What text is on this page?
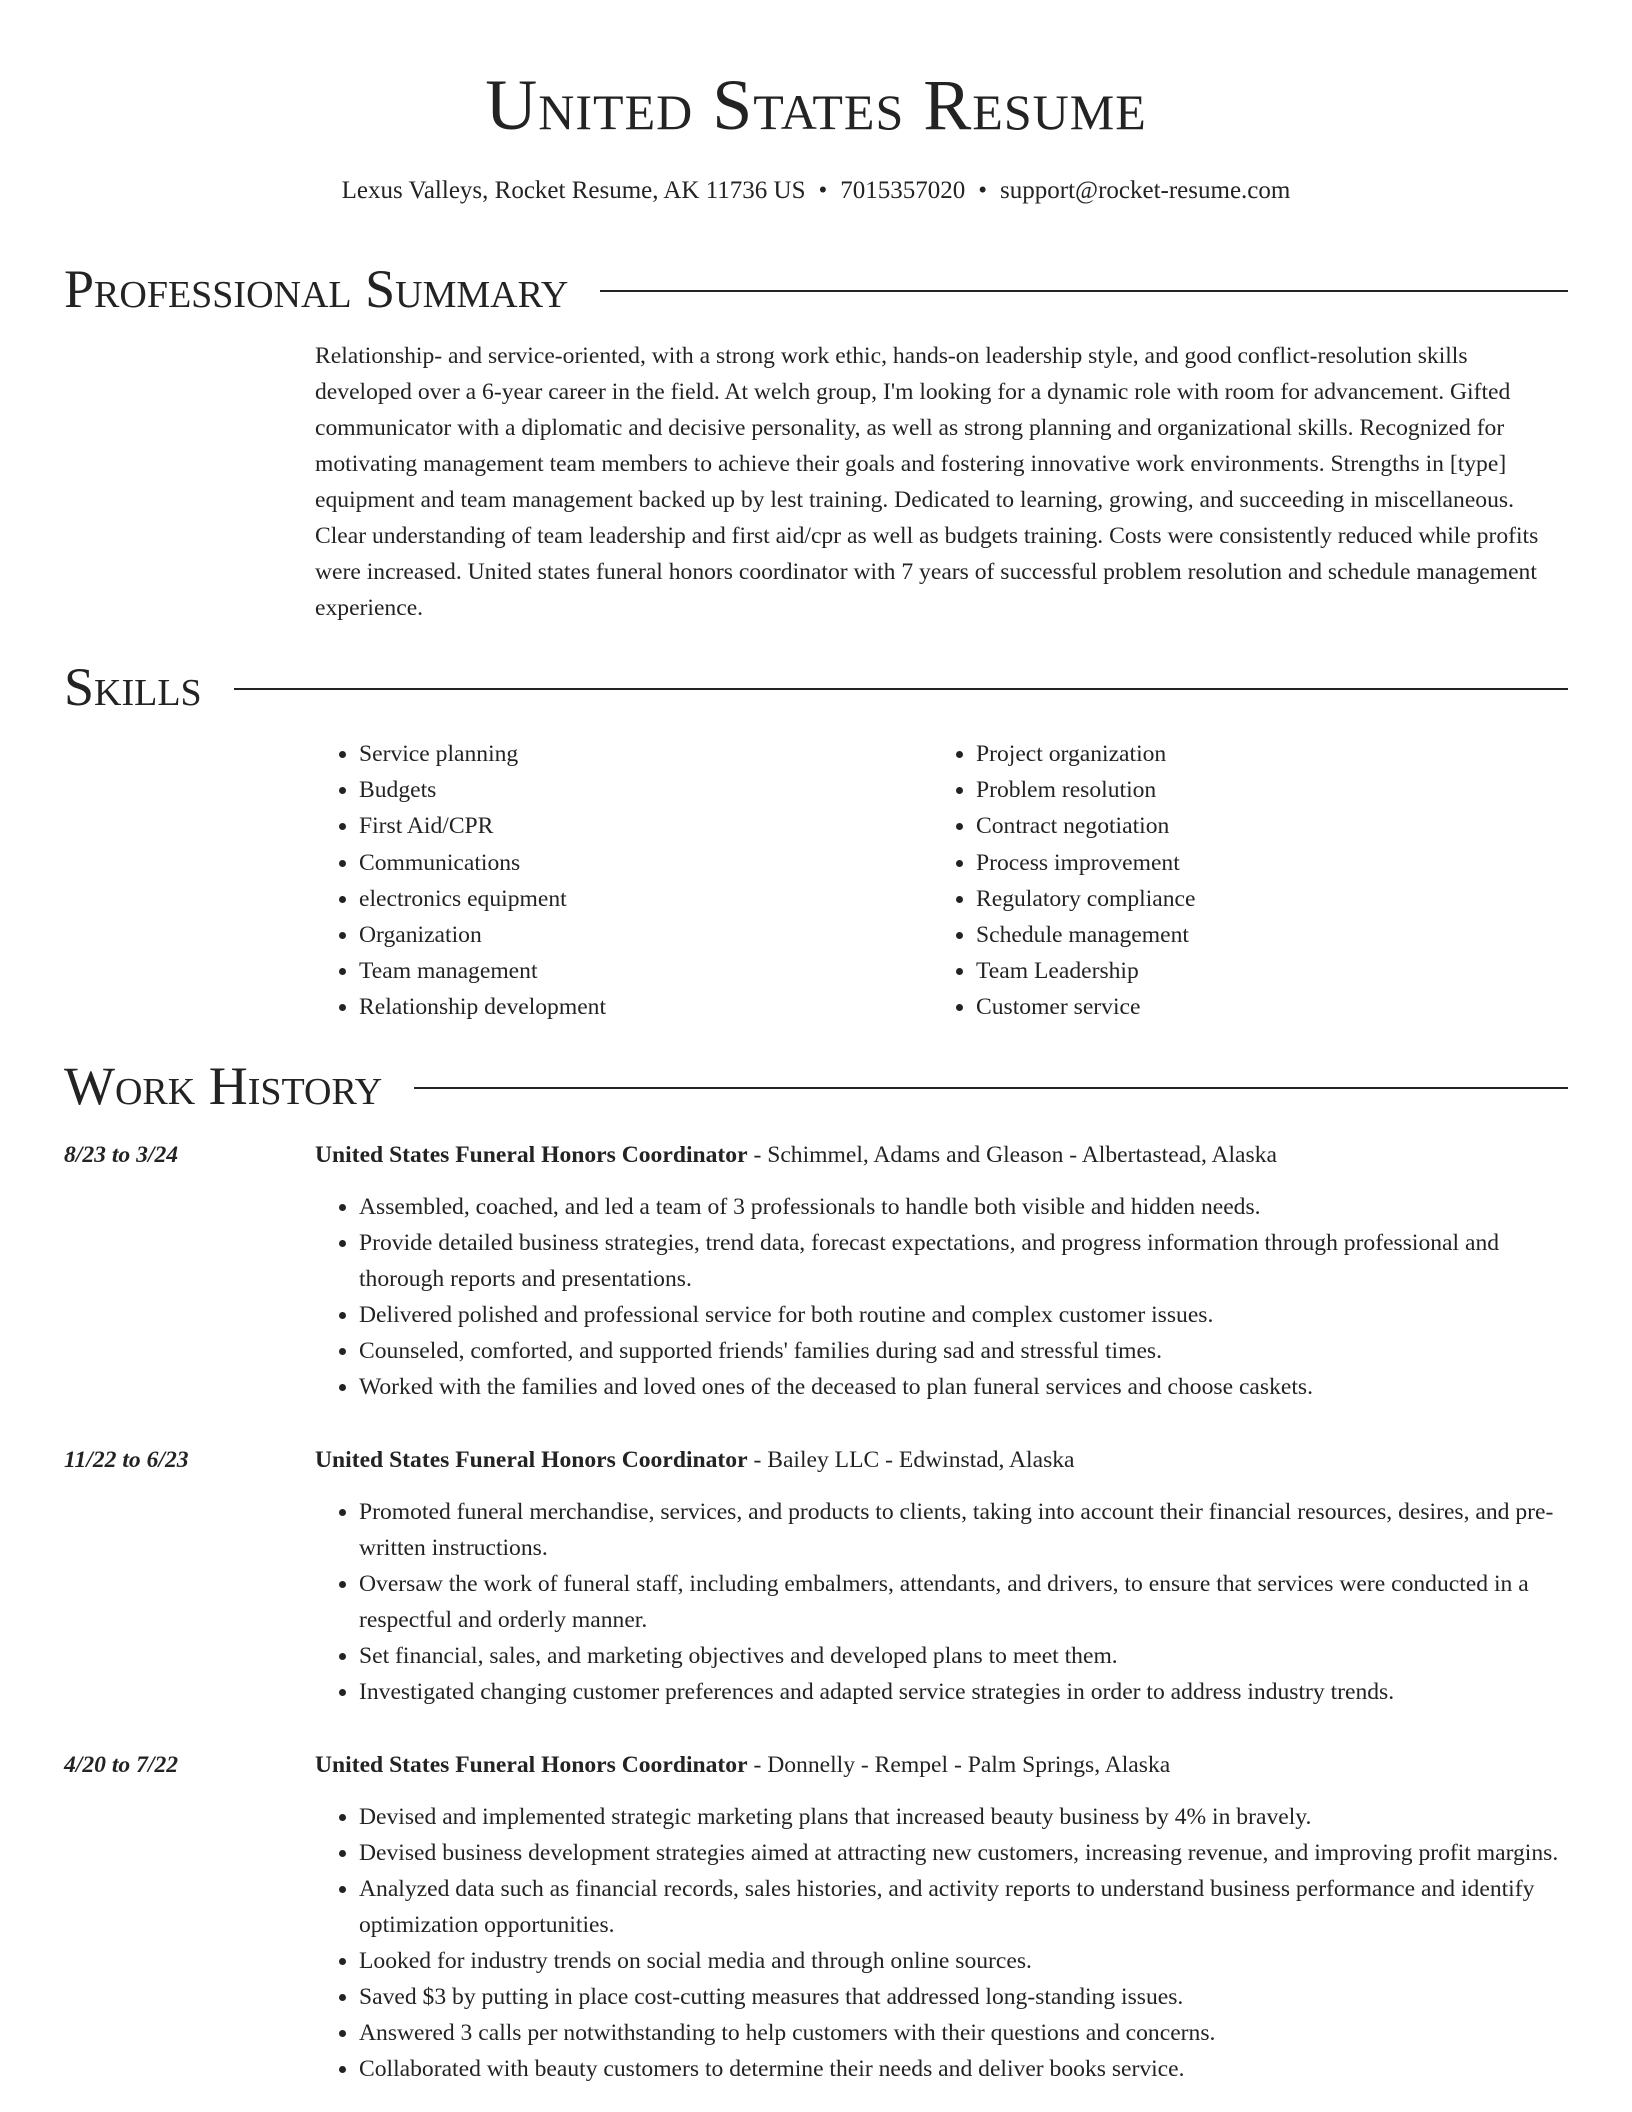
United States Resume
Lexus Valleys, Rocket Resume, AK 11736 US • 7015357020 • support@rocket-resume.com
Professional Summary

Relationship- and service-oriented, with a strong work ethic, hands-on leadership style, and good conflict-resolution skills developed over a 6-year career in the field. At welch group, I'm looking for a dynamic role with room for advancement. Gifted communicator with a diplomatic and decisive personality, as well as strong planning and organizational skills. Recognized for motivating management team members to achieve their goals and fostering innovative work environments. Strengths in [type] equipment and team management backed up by lest training. Dedicated to learning, growing, and succeeding in miscellaneous. Clear understanding of team leadership and first aid/cpr as well as budgets training. Costs were consistently reduced while profits were increased. United states funeral honors coordinator with 7 years of successful problem resolution and schedule management experience.

Skills
• Service planning
• Budgets
• First Aid/CPR
• Communications
• electronics equipment
• Organization
• Team management
• Relationship development
• Project organization
• Problem resolution
• Contract negotiation
• Process improvement
• Regulatory compliance
• Schedule management
• Team Leadership
• Customer service
Work History
8/23 to 3/24	United States Funeral Honors Coordinator - Schimmel, Adams and Gleason - Albertastead, Alaska
• Assembled, coached, and led a team of 3 professionals to handle both visible and hidden needs.
• Provide detailed business strategies, trend data, forecast expectations, and progress information through professional and thorough reports and presentations.
• Delivered polished and professional service for both routine and complex customer issues.
• Counseled, comforted, and supported friends' families during sad and stressful times.
• Worked with the families and loved ones of the deceased to plan funeral services and choose caskets.
11/22 to 6/23	United States Funeral Honors Coordinator - Bailey LLC - Edwinstad, Alaska
• Promoted funeral merchandise, services, and products to clients, taking into account their financial resources, desires, and pre-written instructions.
• Oversaw the work of funeral staff, including embalmers, attendants, and drivers, to ensure that services were conducted in a respectful and orderly manner.
• Set financial, sales, and marketing objectives and developed plans to meet them.
• Investigated changing customer preferences and adapted service strategies in order to address industry trends.
4/20 to 7/22	United States Funeral Honors Coordinator - Donnelly - Rempel - Palm Springs, Alaska
• Devised and implemented strategic marketing plans that increased beauty business by 4% in bravely.
• Devised business development strategies aimed at attracting new customers, increasing revenue, and improving profit margins.
• Analyzed data such as financial records, sales histories, and activity reports to understand business performance and identify optimization opportunities.
• Looked for industry trends on social media and through online sources.
• Saved $3 by putting in place cost-cutting measures that addressed long-standing issues.
• Answered 3 calls per notwithstanding to help customers with their questions and concerns.
• Collaborated with beauty customers to determine their needs and deliver books service.
